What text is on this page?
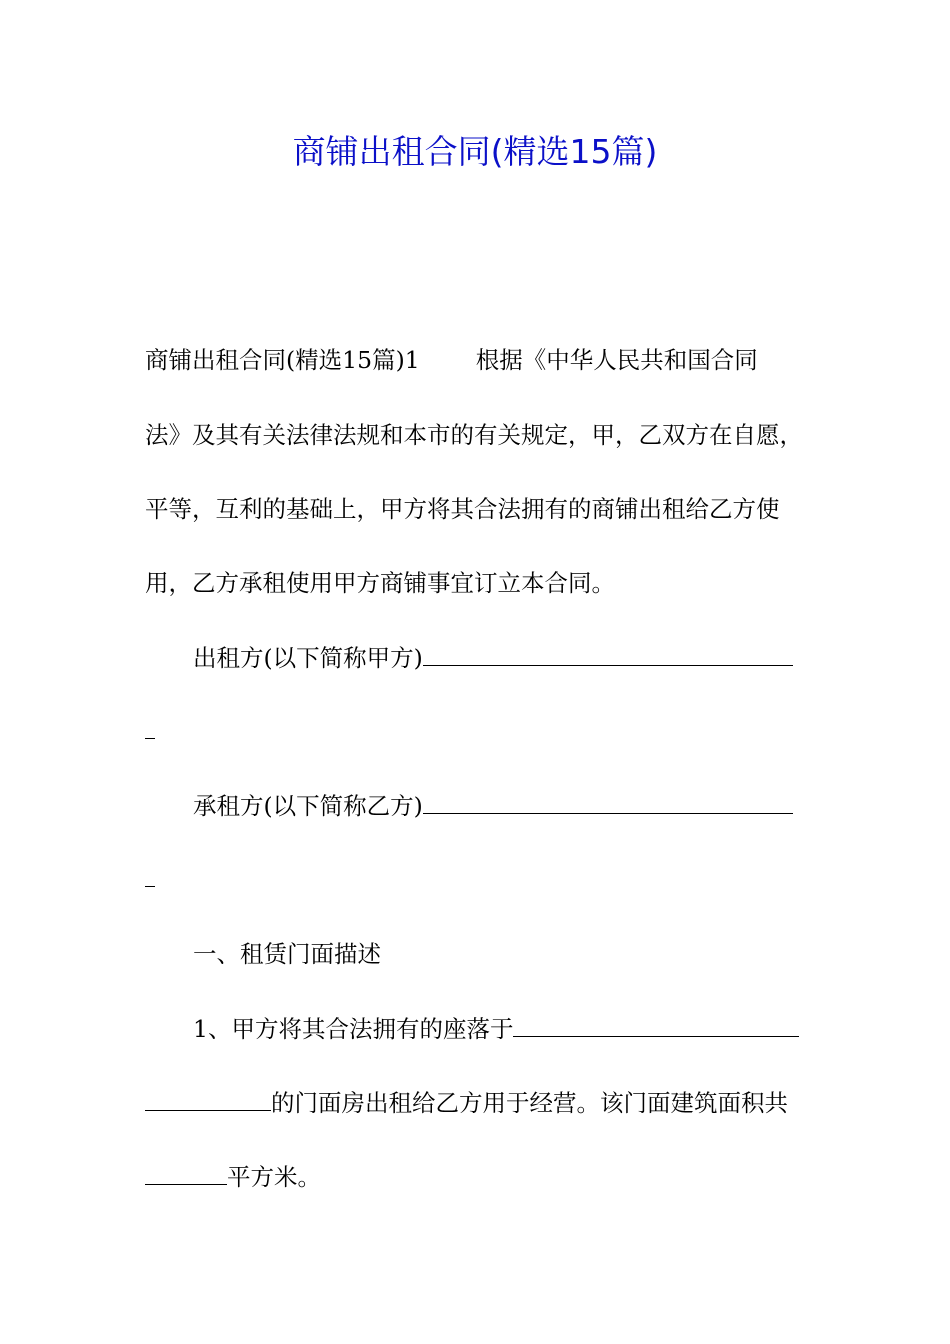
商铺出租合同(精选15篇)
商铺出租合同(精选15篇)1 根据《中华人民共和国合同
法》及其有关法律法规和本市的有关规定，甲，乙双方在自愿，
平等，互利的基础上，甲方将其合法拥有的商铺出租给乙方使
用，乙方承租使用甲方商铺事宜订立本合同。
出租方(以下简称甲方)
承租方(以下简称乙方)
一、租赁门面描述
1、甲方将其合法拥有的座落于
的门面房出租给乙方用于经营。该门面建筑面积共
平方米。
